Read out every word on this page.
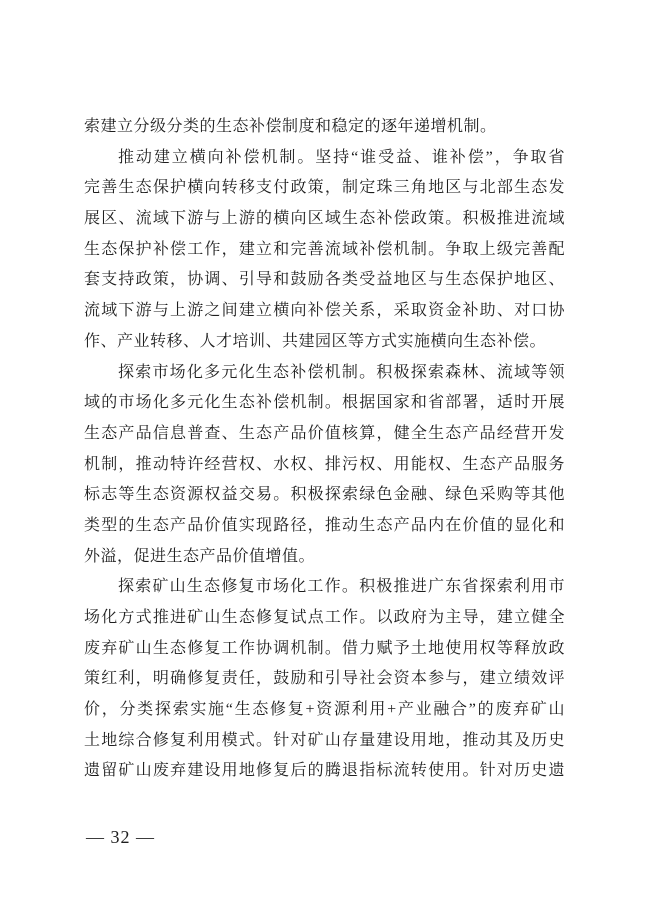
索建立分级分类的生态补偿制度和稳定的逐年递增机制。
推动建立横向补偿机制。坚持“谁受益、谁补偿”，争取省
完善生态保护横向转移支付政策，制定珠三角地区与北部生态发
展区、流域下游与上游的横向区域生态补偿政策。积极推进流域
生态保护补偿工作，建立和完善流域补偿机制。争取上级完善配
套支持政策，协调、引导和鼓励各类受益地区与生态保护地区、
流域下游与上游之间建立横向补偿关系，采取资金补助、对口协
作、产业转移、人才培训、共建园区等方式实施横向生态补偿。
探索市场化多元化生态补偿机制。积极探索森林、流域等领
域的市场化多元化生态补偿机制。根据国家和省部署，适时开展
生态产品信息普查、生态产品价值核算，健全生态产品经营开发
机制，推动特许经营权、水权、排污权、用能权、生态产品服务
标志等生态资源权益交易。积极探索绿色金融、绿色采购等其他
类型的生态产品价值实现路径，推动生态产品内在价值的显化和
外溢，促进生态产品价值增值。
探索矿山生态修复市场化工作。积极推进广东省探索利用市
场化方式推进矿山生态修复试点工作。以政府为主导，建立健全
废弃矿山生态修复工作协调机制。借力赋予土地使用权等释放政
策红利，明确修复责任，鼓励和引导社会资本参与，建立绩效评
价，分类探索实施“生态修复+资源利用+产业融合”的废弃矿山
土地综合修复利用模式。针对矿山存量建设用地，推动其及历史
遗留矿山废弃建设用地修复后的腾退指标流转使用。针对历史遗
— 32 —
